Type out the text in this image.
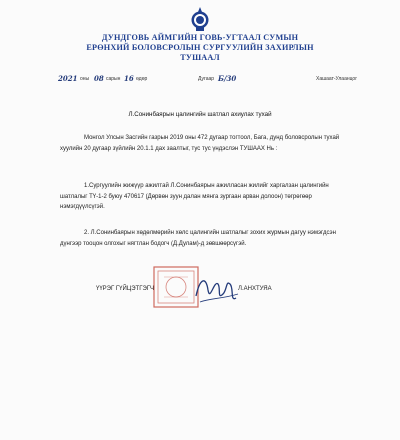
ДУНДГОВЬ АЙМГИЙН ГОВЬ-УГТААЛ СУМЫН
ЕРӨНХИЙ БОЛОВСРОЛЫН СУРГУУЛИЙН ЗАХИРЛЫН
ТУШААЛ
2021 оны 08 сарын 16 өдөр	Дугаар Б/30	Хашаат-Улаанцог
Л.Сонинбаярын цалингийн шатлал ахиулах тухай
Монгол Улсын Засгийн газрын 2019 оны 472 дугаар тогтоол, Бага, дунд боловсролын тухай хуулийн 20 дугаар зүйлийн 20.1.1 дах заалтыг, тус тус үндэслэн ТУШААХ Нь :
1.Сургуулийн жижүүр ажилтай Л.Сонинбаярын ажилласан жилийг харгалзан цалингийн шатлалыг ТҮ-1-2 буюу 470617 (Дөрвөн зуун далан мянга зургаан арван долоон) төгрөгөөр нэмэгдүүлсүгэй.
2. Л.Сонинбаярын хөдөлмөрийн хөлс цалингийн шатлалыг зохих журмын дагуу нэмэгдсэн дүнгээр тооцон олгохыг нягтлан бодогч (Д.Дулам)-д зөвшөөрсүгэй.
ҮҮРЭГ ГҮЙЦЭТГЭГЧ	Л.АНХТУЯА
